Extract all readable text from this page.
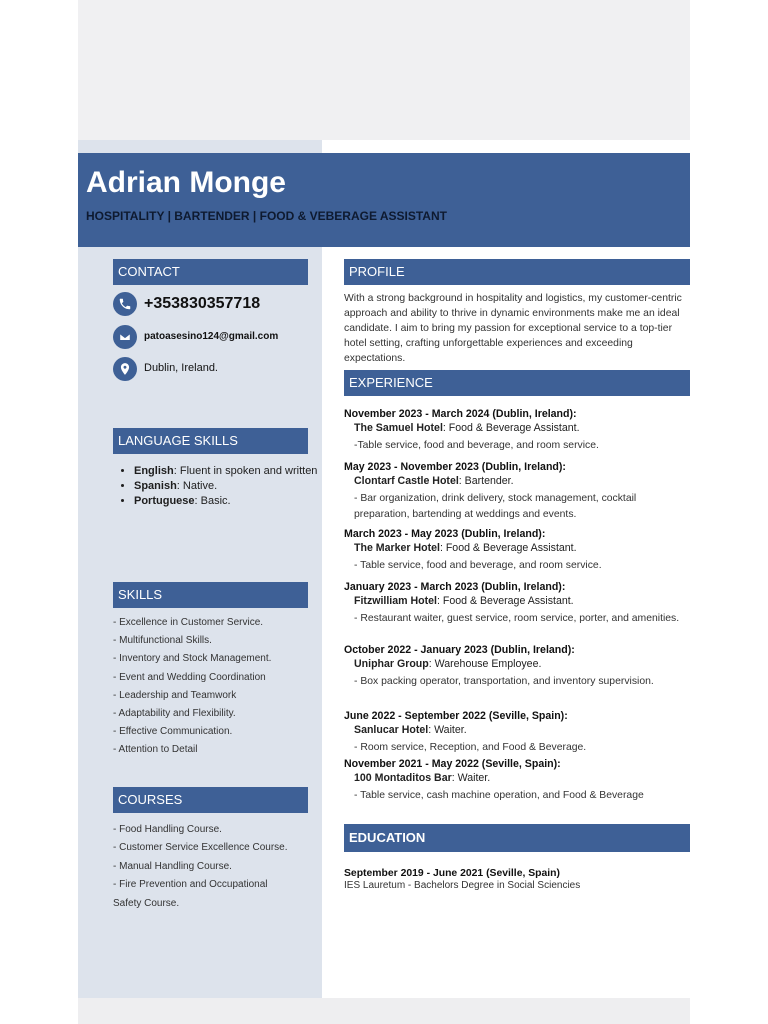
Adrian Monge
HOSPITALITY | BARTENDER | FOOD & VEBERAGE ASSISTANT
CONTACT
+353830357718
patoasesino124@gmail.com
Dublin, Ireland.
LANGUAGE SKILLS
• English: Fluent in spoken and written
• Spanish: Native.
• Portuguese: Basic.
SKILLS
- Excellence in Customer Service.
- Multifunctional Skills.
- Inventory and Stock Management.
- Event and Wedding Coordination
- Leadership and Teamwork
- Adaptability and Flexibility.
- Effective Communication.
- Attention to Detail
COURSES
- Food Handling Course.
- Customer Service Excellence Course.
- Manual Handling Course.
- Fire Prevention and Occupational Safety Course.
PROFILE
With a strong background in hospitality and logistics, my customer-centric approach and ability to thrive in dynamic environments make me an ideal candidate. I aim to bring my passion for exceptional service to a top-tier hotel setting, crafting unforgettable experiences and exceeding expectations.
EXPERIENCE
November 2023 - March 2024 (Dublin, Ireland):
The Samuel Hotel: Food & Beverage Assistant.
-Table service, food and beverage, and room service.
May 2023 - November 2023 (Dublin, Ireland):
Clontarf Castle Hotel: Bartender.
- Bar organization, drink delivery, stock management, cocktail preparation, bartending at weddings and events.
March 2023 - May 2023 (Dublin, Ireland):
The Marker Hotel: Food & Beverage Assistant.
- Table service, food and beverage, and room service.
January 2023 - March 2023 (Dublin, Ireland):
Fitzwilliam Hotel: Food & Beverage Assistant.
- Restaurant waiter, guest service, room service, porter, and amenities.
October 2022 - January 2023 (Dublin, Ireland):
Uniphar Group: Warehouse Employee.
- Box packing operator, transportation, and inventory supervision.
June 2022 - September 2022 (Seville, Spain):
Sanlucar Hotel: Waiter.
- Room service, Reception, and Food & Beverage.
November 2021 - May 2022 (Seville, Spain):
100 Montaditos Bar: Waiter.
- Table service, cash machine operation, and Food & Beverage
EDUCATION
September 2019 - June 2021 (Seville, Spain)
IES Lauretum - Bachelors Degree in Social Sciencies
